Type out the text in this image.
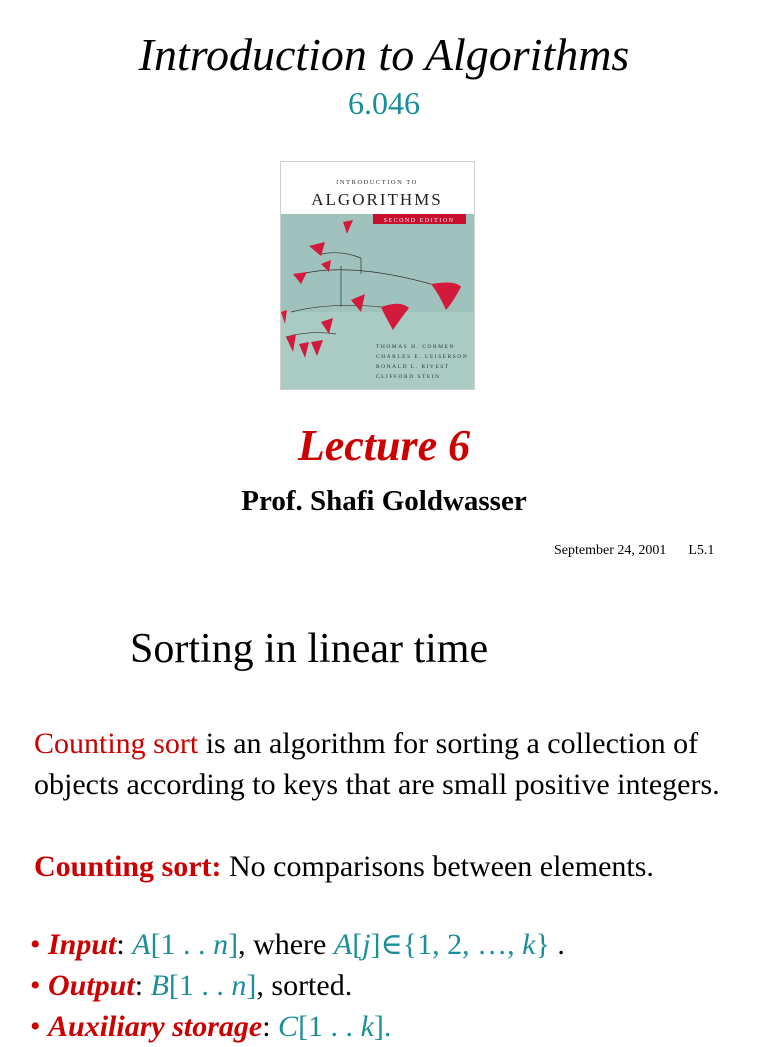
Introduction to Algorithms
6.046
INTRODUCTION TO
ALGORITHMS
SECOND EDITION
THOMAS H. CORMEN
CHARLES E. LEISERSON
RONALD L. RIVEST
CLIFFORD STEIN
Lecture 6
Prof. Shafi Goldwasser
September 24, 2001 L5.1
Sorting in linear time
Counting sort is an algorithm for sorting a collection of objects according to keys that are small positive integers.
Counting sort: No comparisons between elements.
• Input: A[1 . . n], where A[j]∈{1, 2, …, k} .
• Output: B[1 . . n], sorted.
• Auxiliary storage: C[1 . . k].
